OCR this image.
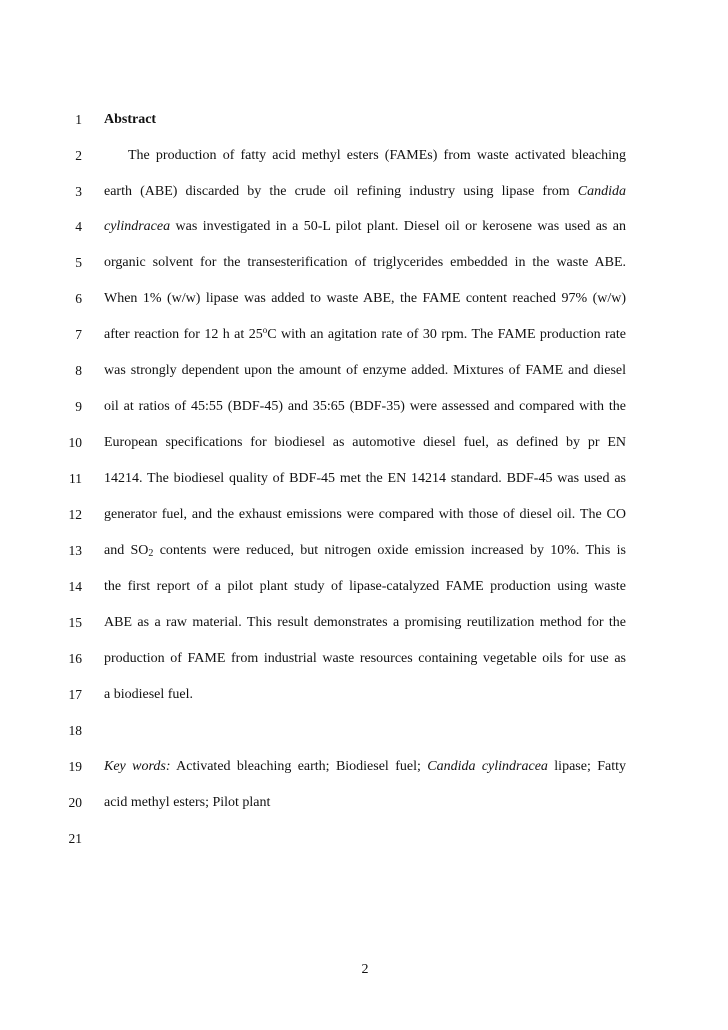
1 Abstract
2	The production of fatty acid methyl esters (FAMEs) from waste activated bleaching
3 earth (ABE) discarded by the crude oil refining industry using lipase from Candida
4 cylindracea was investigated in a 50-L pilot plant. Diesel oil or kerosene was used as an
5 organic solvent for the transesterification of triglycerides embedded in the waste ABE.
6 When 1% (w/w) lipase was added to waste ABE, the FAME content reached 97% (w/w)
7 after reaction for 12 h at 25$^o$C with an agitation rate of 30 rpm. The FAME production rate
8 was strongly dependent upon the amount of enzyme added. Mixtures of FAME and diesel
9 oil at ratios of 45:55 (BDF-45) and 35:65 (BDF-35) were assessed and compared with the
10 European specifications for biodiesel as automotive diesel fuel, as defined by pr EN
11 14214. The biodiesel quality of BDF-45 met the EN 14214 standard. BDF-45 was used as
12 generator fuel, and the exhaust emissions were compared with those of diesel oil. The CO
13 and $SO_2$ contents were reduced, but nitrogen oxide emission increased by 10%. This is
14 the first report of a pilot plant study of lipase-catalyzed FAME production using waste
15 ABE as a raw material. This result demonstrates a promising reutilization method for the
16 production of FAME from industrial waste resources containing vegetable oils for use as
17 a biodiesel fuel.
18
19 Key words: Activated bleaching earth; Biodiesel fuel; Candida cylindracea lipase; Fatty
20 acid methyl esters; Pilot plant
21
2
